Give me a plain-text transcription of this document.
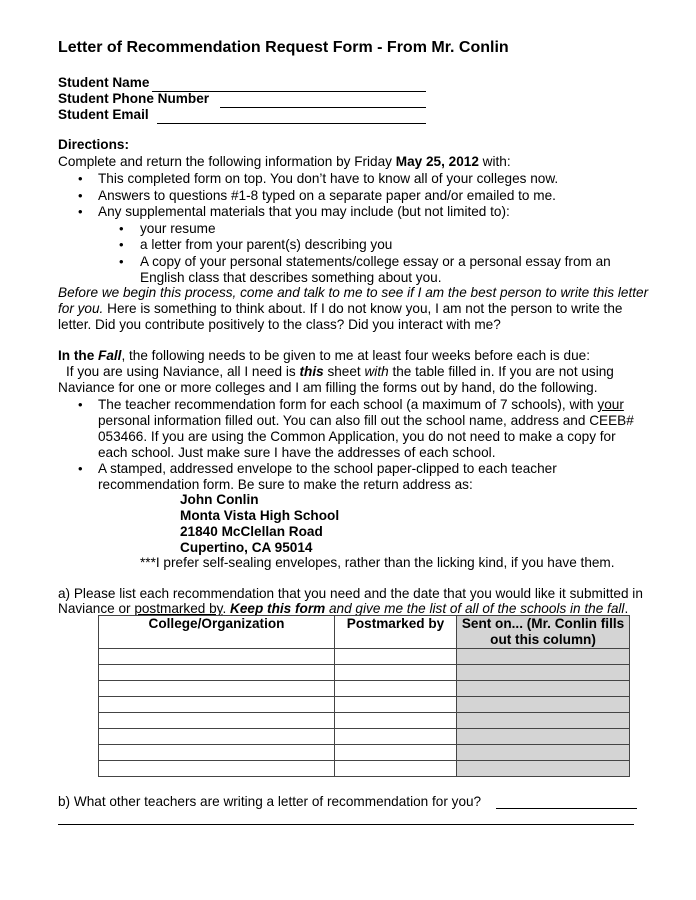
Letter of Recommendation Request Form - From Mr. Conlin
Student Name
Student Phone Number
Student Email
Directions:
Complete and return the following information by Friday May 25, 2012 with:
• This completed form on top. You don’t have to know all of your colleges now.
• Answers to questions #1-8 typed on a separate paper and/or emailed to me.
• Any supplemental materials that you may include (but not limited to):
• your resume
• a letter from your parent(s) describing you
• A copy of your personal statements/college essay or a personal essay from an
English class that describes something about you.
Before we begin this process, come and talk to me to see if I am the best person to write this letter
for you. Here is something to think about. If I do not know you, I am not the person to write the
letter. Did you contribute positively to the class? Did you interact with me?
In the Fall, the following needs to be given to me at least four weeks before each is due:
If you are using Naviance, all I need is this sheet with the table filled in. If you are not using
Naviance for one or more colleges and I am filling the forms out by hand, do the following.
• The teacher recommendation form for each school (a maximum of 7 schools), with your
personal information filled out. You can also fill out the school name, address and CEEB#
053466. If you are using the Common Application, you do not need to make a copy for
each school. Just make sure I have the addresses of each school.
• A stamped, addressed envelope to the school paper-clipped to each teacher
recommendation form. Be sure to make the return address as:
John Conlin
Monta Vista High School
21840 McClellan Road
Cupertino, CA 95014
***I prefer self-sealing envelopes, rather than the licking kind, if you have them.
a) Please list each recommendation that you need and the date that you would like it submitted in
Naviance or postmarked by. Keep this form and give me the list of all of the schools in the fall.
College/Organization	Postmarked by	Sent on... (Mr. Conlin fills out this column)

b) What other teachers are writing a letter of recommendation for you?
